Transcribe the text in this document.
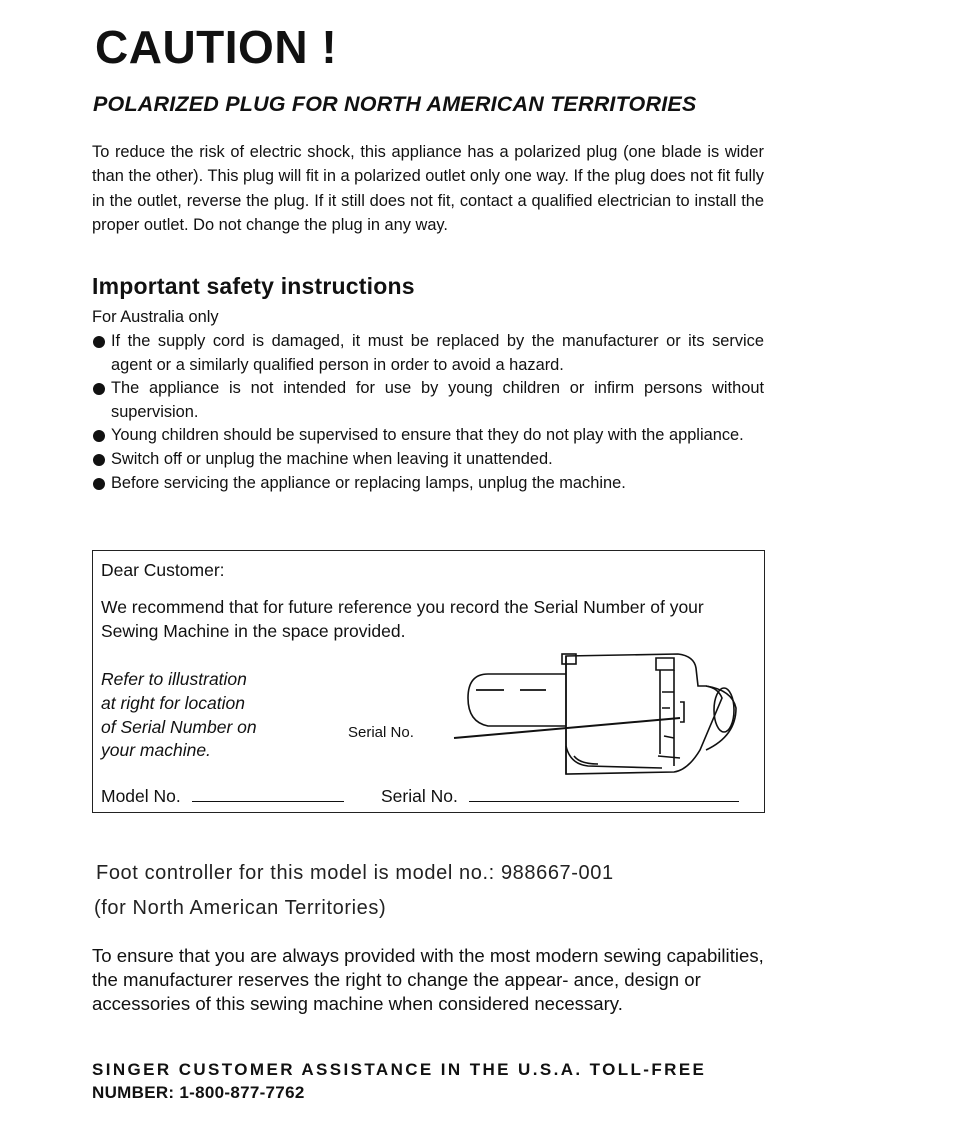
CAUTION !
POLARIZED PLUG FOR NORTH AMERICAN TERRITORIES

To reduce the risk of electric shock, this appliance has a polarized plug (one blade is wider than the other). This plug will fit in a polarized outlet only one way. If the plug does not fit fully in the outlet, reverse the plug. If it still does not fit, contact a qualified electrician to install the proper outlet. Do not change the plug in any way.

Important safety instructions
For Australia only
If the supply cord is damaged, it must be replaced by the manufacturer or its service agent or a similarly qualified person in order to avoid a hazard.
The appliance is not intended for use by young children or infirm persons without supervision.
Young children should be supervised to ensure that they do not play with the appliance.
Switch off or unplug the machine when leaving it unattended.
Before servicing the appliance or replacing lamps, unplug the machine.
Dear Customer:
We recommend that for future reference you record the Serial Number of your Sewing Machine in the space provided.
Refer to illustration
at right for location
of Serial Number on
your machine.
Serial No.
Model No.	Serial No.
Foot controller for this model is model no.: 988667-001
(for North American Territories)

To ensure that you are always provided with the most modern sewing capabilities, the manufacturer reserves the right to change the appear- ance, design or accessories of this sewing machine when considered necessary.

SINGER CUSTOMER ASSISTANCE IN THE U.S.A. TOLL-FREE
NUMBER: 1-800-877-7762
